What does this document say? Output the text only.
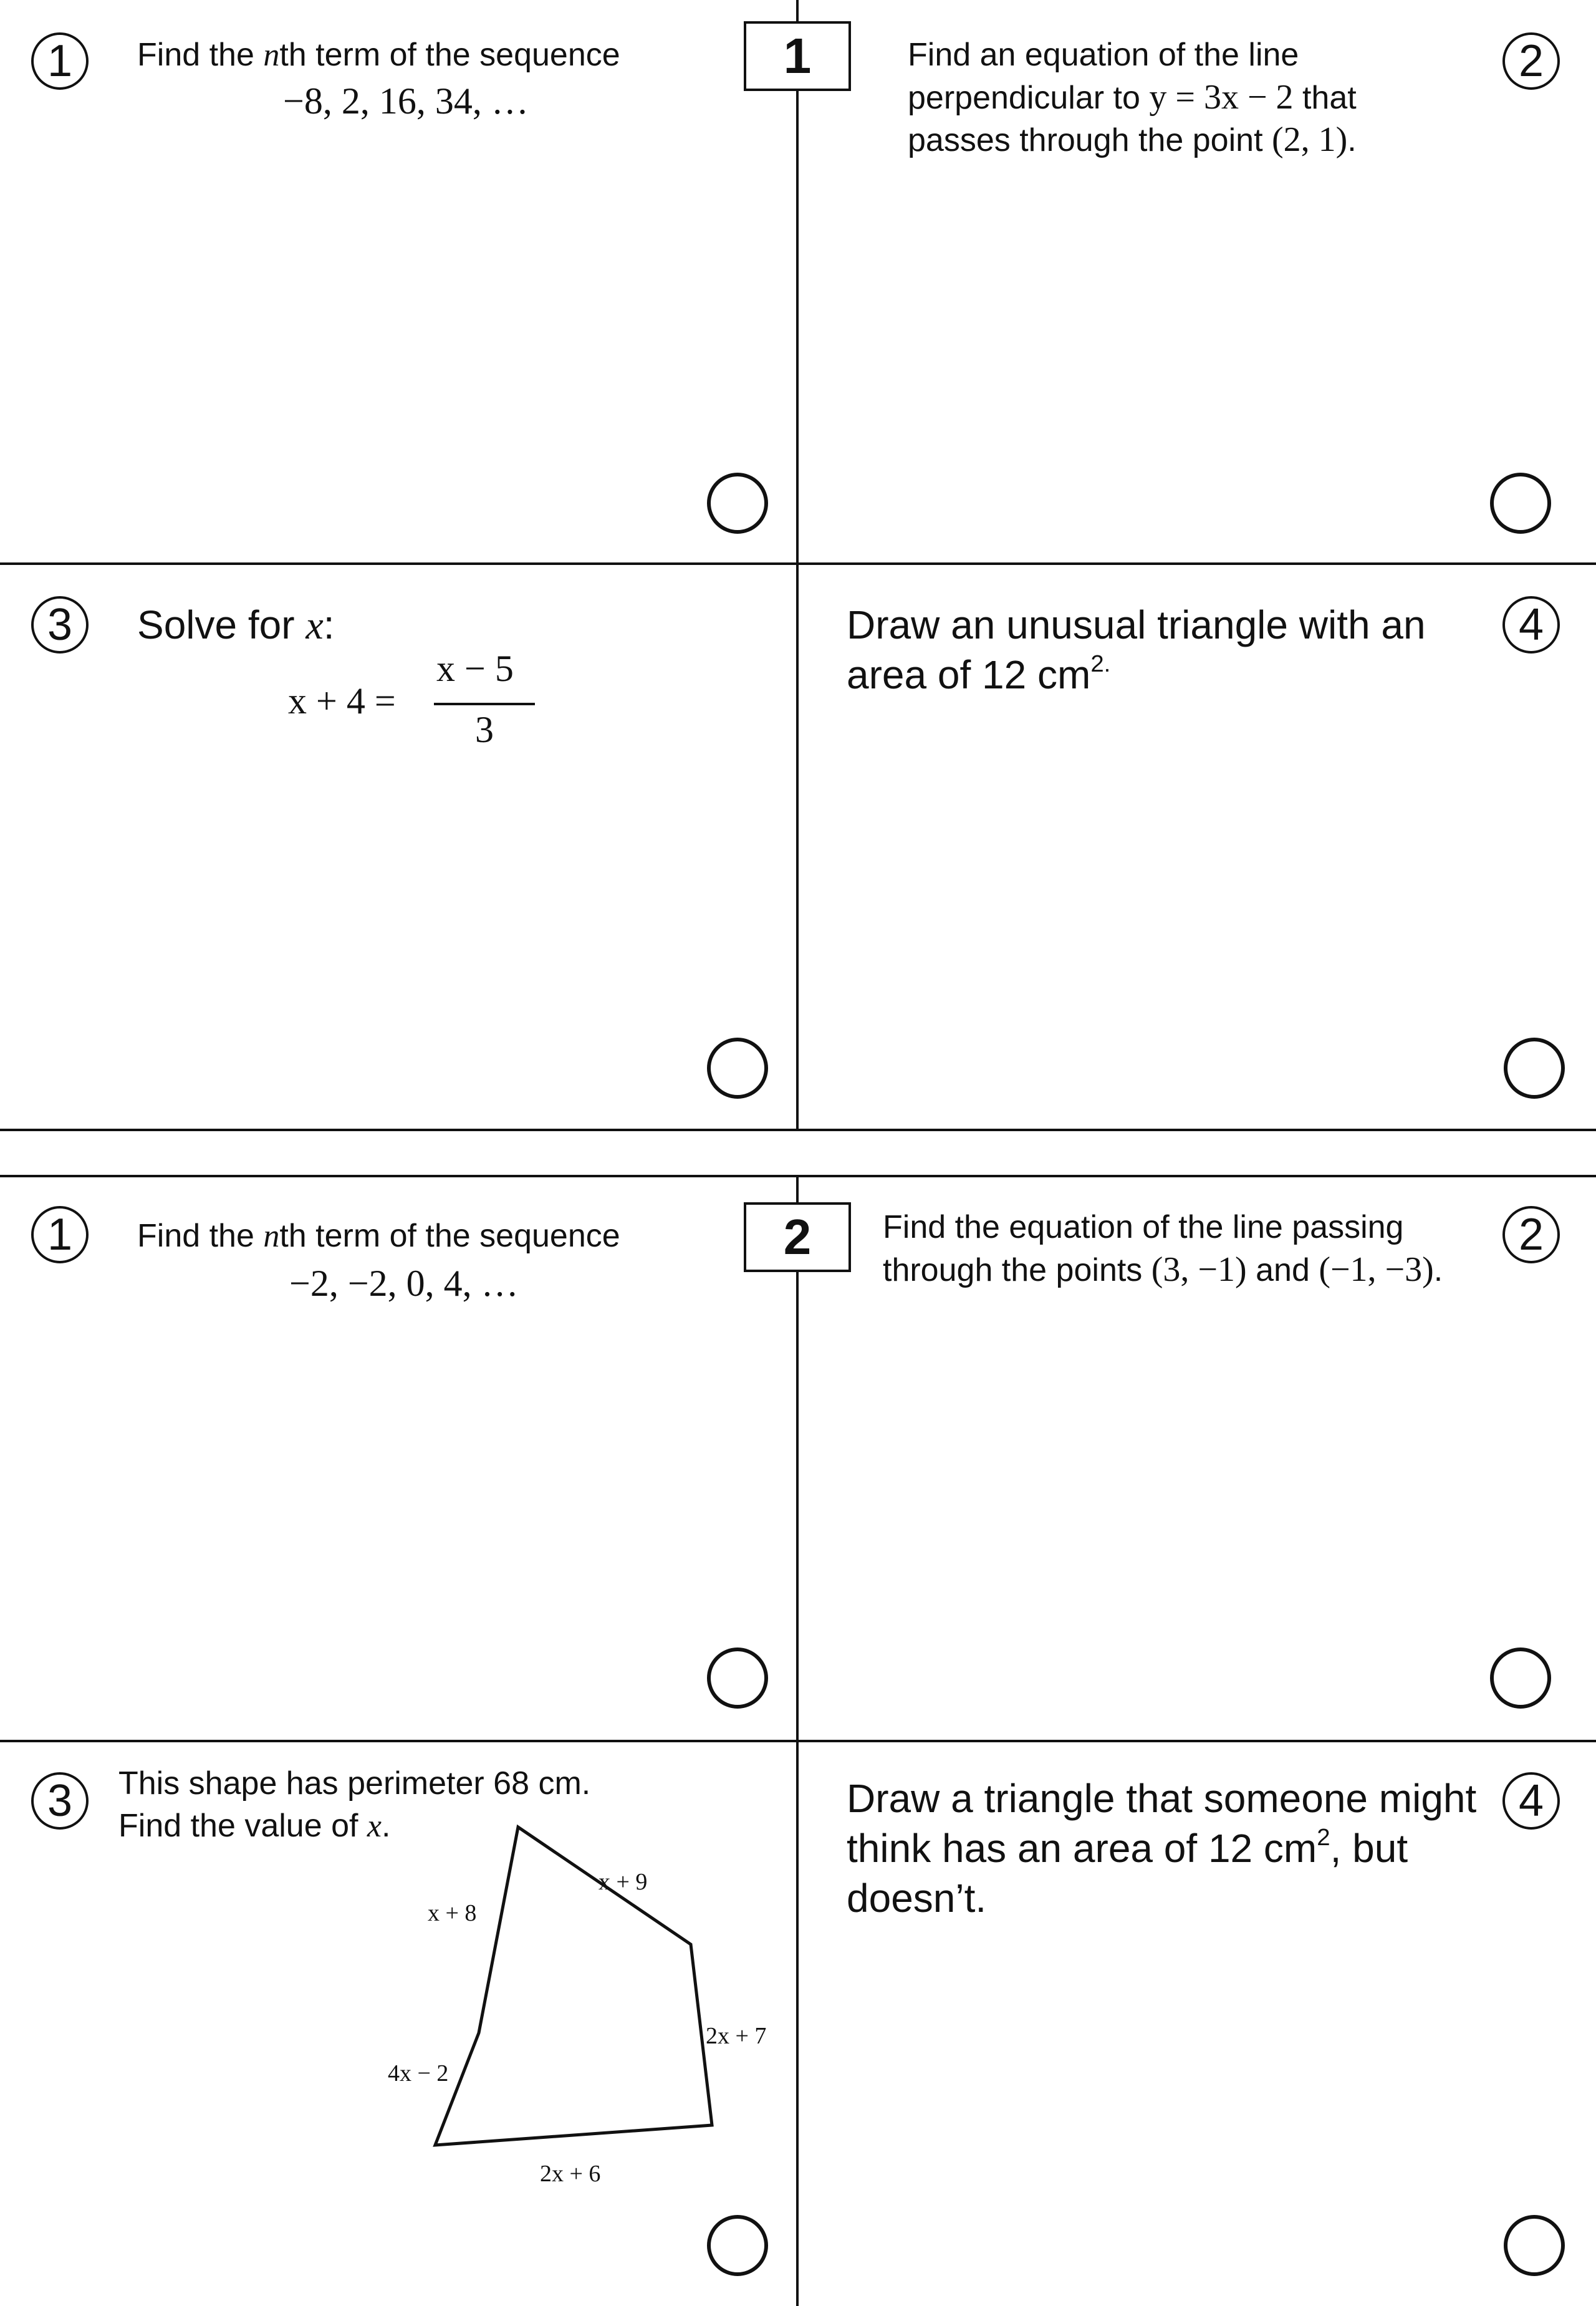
1
1 Find the nth term of the sequence
−8, 2, 16, 34, …
2
Find an equation of the line
perpendicular to y = 3x − 2 that
passes through the point (2, 1).
3 Solve for x:
x + 4 =
x − 5
3
4
Draw an unusual triangle with an
area of 12 $cm^{2.}$
2
1 Find the nth term of the sequence
−2, −2, 0, 4, …
2
Find the equation of the line passing
through the points (3, −1) and (−1, −3).
3 This shape has perimeter 68 cm.
Find the value of x.
x + 9
x + 8
2x + 7
4x − 2
2x + 6
4
Draw a triangle that someone might
think has an area of 12 $cm^2$, but
doesn’t.
